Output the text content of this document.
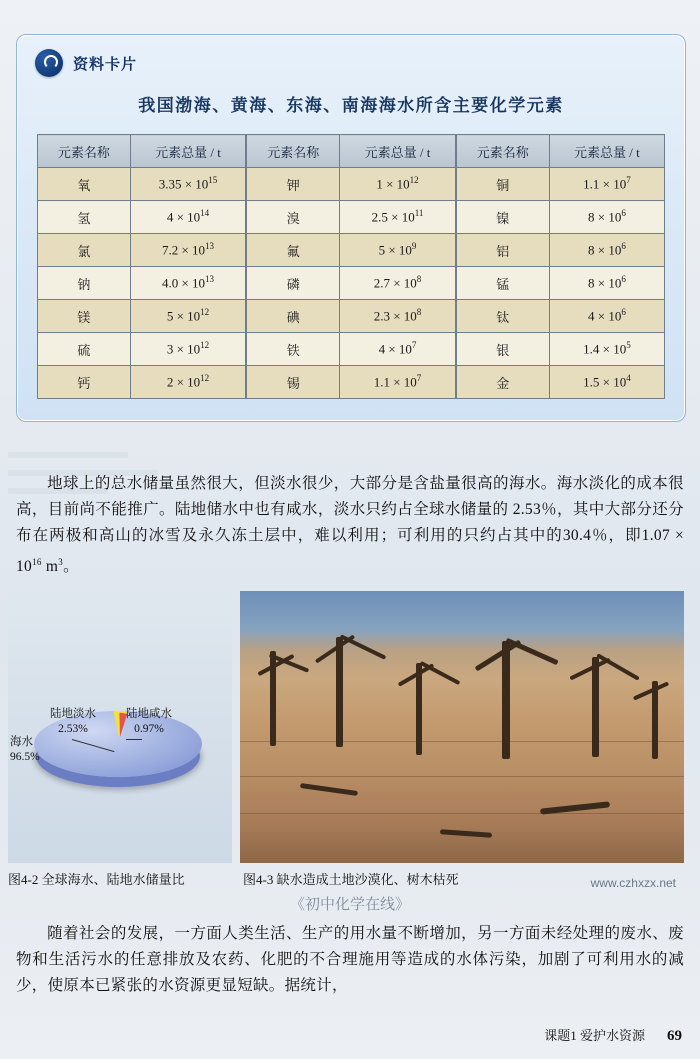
资料卡片
我国渤海、黄海、东海、南海海水所含主要化学元素
元素名称	元素总量 / t	元素名称	元素总量 / t	元素名称	元素总量 / t
氧	$3.35 \times 10^{15}$	钾	$1 \times 10^{12}$	铜	$1.1 \times 10^7$
氢	$4 \times 10^{14}$	溴	$2.5 \times 10^{11}$	镍	$8 \times 10^6$
氯	$7.2 \times 10^{13}$	氟	$5 \times 10^9$	铝	$8 \times 10^6$
钠	$4.0 \times 10^{13}$	磷	$2.7 \times 10^8$	锰	$8 \times 10^6$
镁	$5 \times 10^{12}$	碘	$2.3 \times 10^8$	钛	$4 \times 10^6$
硫	$3 \times 10^{12}$	铁	$4 \times 10^7$	银	$1.4 \times 10^5$
钙	$2 \times 10^{12}$	锡	$1.1 \times 10^7$	金	$1.5 \times 10^4$

地球上的总水储量虽然很大，但淡水很少，大部分是含盐量很高的海水。海水淡化的成本很高，目前尚不能推广。陆地储水中也有咸水，淡水只约占全球水储量的 2.53％，其中大部分还分布在两极和高山的冰雪及永久冻土层中，难以利用；可利用的只约占其中的30.4％，即$1.07 \times 10^{16}$ $m^3$。

陆地淡水
2.53%
陆地咸水
0.97%
海水
96.5%
图4-2 全球海水、陆地水储量比	图4-3 缺水造成土地沙漠化、树木枯死
《初中化学在线》
www.czhxzx.net

随着社会的发展，一方面人类生活、生产的用水量不断增加，另一方面未经处理的废水、废物和生活污水的任意排放及农药、化肥的不合理施用等造成的水体污染，加剧了可利用水的减少，使原本已紧张的水资源更显短缺。据统计，

课题1 爱护水资源 69
